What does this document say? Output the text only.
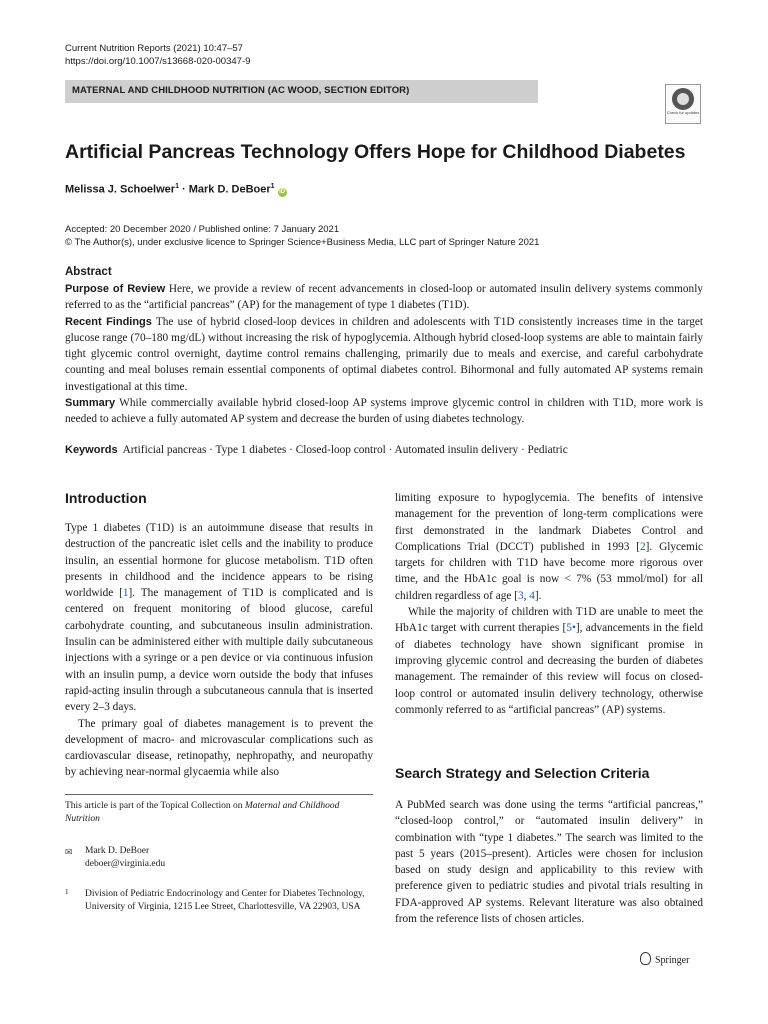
Current Nutrition Reports (2021) 10:47–57
https://doi.org/10.1007/s13668-020-00347-9
MATERNAL AND CHILDHOOD NUTRITION (AC WOOD, SECTION EDITOR)
Check for updates
Artificial Pancreas Technology Offers Hope for Childhood Diabetes
Melissa J. Schoelwer$^1$ · Mark D. DeBoer$^1$ iD
Accepted: 20 December 2020 / Published online: 7 January 2021
© The Author(s), under exclusive licence to Springer Science+Business Media, LLC part of Springer Nature 2021
Abstract

Purpose of Review Here, we provide a review of recent advancements in closed-loop or automated insulin delivery systems commonly referred to as the “artificial pancreas” (AP) for the management of type 1 diabetes (T1D).

Recent Findings The use of hybrid closed-loop devices in children and adolescents with T1D consistently increases time in the target glucose range (70–180 mg/dL) without increasing the risk of hypoglycemia. Although hybrid closed-loop systems are able to maintain fairly tight glycemic control overnight, daytime control remains challenging, primarily due to meals and exercise, and careful carbohydrate counting and meal boluses remain essential components of optimal diabetes control. Bihormonal and fully automated AP systems remain investigational at this time.

Summary While commercially available hybrid closed-loop AP systems improve glycemic control in children with T1D, more work is needed to achieve a fully automated AP system and decrease the burden of using diabetes technology.

Keywords Artificial pancreas · Type 1 diabetes · Closed-loop control · Automated insulin delivery · Pediatric
Introduction

Type 1 diabetes (T1D) is an autoimmune disease that results in destruction of the pancreatic islet cells and the inability to produce insulin, an essential hormone for glucose metabolism. T1D often presents in childhood and the incidence appears to be rising worldwide [1]. The management of T1D is complicated and is centered on frequent monitoring of blood glucose, careful carbohydrate counting, and subcutaneous insulin administration. Insulin can be administered either with multiple daily subcutaneous injections with a syringe or a pen device or via continuous infusion with an insulin pump, a device worn outside the body that infuses rapid-acting insulin through a subcutaneous cannula that is inserted every 2–3 days.

The primary goal of diabetes management is to prevent the development of macro- and microvascular complications such as cardiovascular disease, retinopathy, nephropathy, and neuropathy by achieving near-normal glycaemia while also

limiting exposure to hypoglycemia. The benefits of intensive management for the prevention of long-term complications were first demonstrated in the landmark Diabetes Control and Complications Trial (DCCT) published in 1993 [2]. Glycemic targets for children with T1D have become more rigorous over time, and the HbA1c goal is now < 7% (53 mmol/mol) for all children regardless of age [3, 4].

While the majority of children with T1D are unable to meet the HbA1c target with current therapies [5•], advancements in the field of diabetes technology have shown significant promise in improving glycemic control and decreasing the burden of diabetes management. The remainder of this review will focus on closed-loop control or automated insulin delivery technology, otherwise commonly referred to as “artificial pancreas” (AP) systems.

Search Strategy and Selection Criteria

A PubMed search was done using the terms “artificial pancreas,” “closed-loop control,” or “automated insulin delivery” in combination with “type 1 diabetes.” The search was limited to the past 5 years (2015–present). Articles were chosen for inclusion based on study design and applicability to this review with preference given to pediatric studies and pivotal trials resulting in FDA-approved AP systems. Relevant literature was also obtained from the reference lists of chosen articles.

This article is part of the Topical Collection on Maternal and Childhood Nutrition
✉ Mark D. DeBoer
deboer@virginia.edu
1 Division of Pediatric Endocrinology and Center for Diabetes Technology, University of Virginia, 1215 Lee Street, Charlottesville, VA 22903, USA
Springer
